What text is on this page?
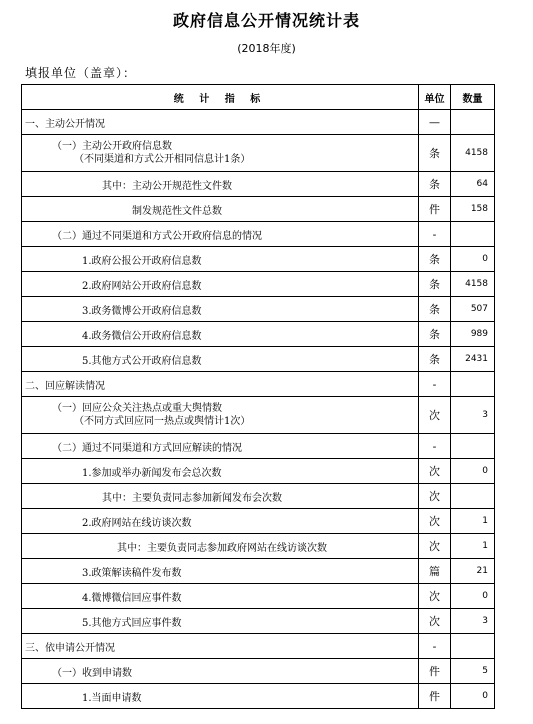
政府信息公开情况统计表
(2018年度)
填报单位（盖章）：
统 计 指 标	单位	数量
一、主动公开情况	—	

（一）主动公开政府信息数
（不同渠道和方式公开相同信息计1条）	条	4158
其中：主动公开规范性文件数	条	64
制发规范性文件总数	件	158
（二）通过不同渠道和方式公开政府信息的情况	-	
1.政府公报公开政府信息数	条	0
2.政府网站公开政府信息数	条	4158
3.政务微博公开政府信息数	条	507
4.政务微信公开政府信息数	条	989
5.其他方式公开政府信息数	条	2431
二、回应解读情况	-	

（一）回应公众关注热点或重大舆情数
（不同方式回应同一热点或舆情计1次）	次	3
（二）通过不同渠道和方式回应解读的情况	-	
1.参加或举办新闻发布会总次数	次	0
其中：主要负责同志参加新闻发布会次数	次	
2.政府网站在线访谈次数	次	1
其中：主要负责同志参加政府网站在线访谈次数	次	1
3.政策解读稿件发布数	篇	21
4.微博微信回应事件数	次	0
5.其他方式回应事件数	次	3
三、依申请公开情况	-	
（一）收到申请数	件	5
1.当面申请数	件	0
